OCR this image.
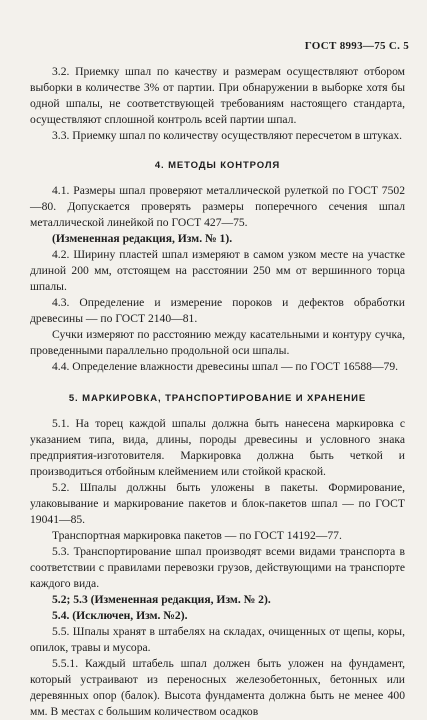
ГОСТ 8993—75 С. 5

3.2. Приемку шпал по качеству и размерам осуществляют отбором выборки в количестве 3% от партии. При обнаружении в выборке хотя бы одной шпалы, не соответствующей требованиям настоящего стандарта, осуществляют сплошной контроль всей партии шпал.

3.3. Приемку шпал по количеству осуществляют пересчетом в штуках.

4. МЕТОДЫ КОНТРОЛЯ

4.1. Размеры шпал проверяют металлической рулеткой по ГОСТ 7502—80. Допускается проверять размеры поперечного сечения шпал металлической линейкой по ГОСТ 427—75.

(Измененная редакция, Изм. № 1).

4.2. Ширину пластей шпал измеряют в самом узком месте на участке длиной 200 мм, отстоящем на расстоянии 250 мм от вершинного торца шпалы.

4.3. Определение и измерение пороков и дефектов обработки древесины — по ГОСТ 2140—81.

Сучки измеряют по расстоянию между касательными и контуру сучка, проведенными параллельно продольной оси шпалы.

4.4. Определение влажности древесины шпал — по ГОСТ 16588—79.

5. МАРКИРОВКА, ТРАНСПОРТИРОВАНИЕ И ХРАНЕНИЕ

5.1. На торец каждой шпалы должна быть нанесена маркировка с указанием типа, вида, длины, породы древесины и условного знака предприятия-изготовителя. Маркировка должна быть четкой и производиться отбойным клеймением или стойкой краской.

5.2. Шпалы должны быть уложены в пакеты. Формирование, улаковывание и маркирование пакетов и блок-пакетов шпал — по ГОСТ 19041—85.

Транспортная маркировка пакетов — по ГОСТ 14192—77.

5.3. Транспортирование шпал производят всеми видами транспорта в соответствии с правилами перевозки грузов, действующими на транспорте каждого вида.

5.2; 5.3 (Измененная редакция, Изм. № 2).

5.4. (Исключен, Изм. №2).

5.5. Шпалы хранят в штабелях на складах, очищенных от щепы, коры, опилок, травы и мусора.

5.5.1. Каждый штабель шпал должен быть уложен на фундамент, который устраивают из переносных железобетонных, бетонных или деревянных опор (балок). Высота фундамента должна быть не менее 400 мм. В местах с большим количеством осадков
